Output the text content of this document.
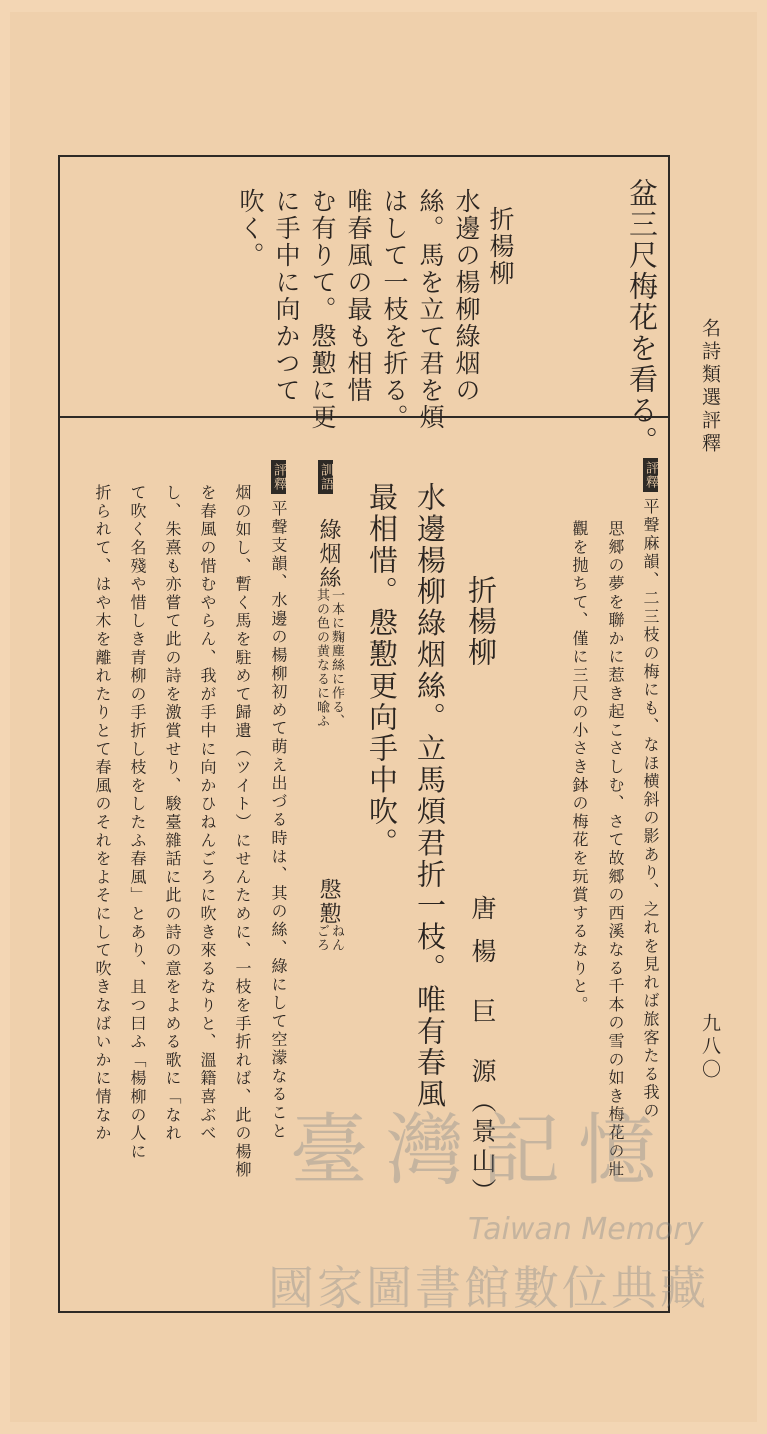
名詩類選評釋
九八〇
盆三尺梅花を看る。
折楊柳
水邊の楊柳綠烟の
絲。馬を立て君を煩
はして一枝を折る。
唯春風の最も相惜
む有りて。慇懃に更
に手中に向かつて
吹く。
評釋平聲麻韻、二三枝の梅にも、なほ横斜の影あり、之れを見れば旅客たる我の
思郷の夢を聯かに惹き起こさしむ、さて故郷の西溪なる千本の雪の如き梅花の壯
觀を抛ちて、僅に三尺の小さき鉢の梅花を玩賞するなりと。
折楊柳
唐 楊　巨　源（景山）
水邊楊柳綠烟絲。立馬煩君折一枝。唯有春風
最相惜。慇懃更向手中吹。
訓語
綠烟絲
一本に麴塵絲に作る、
其の色の黄なるに喩ふ
慇懃
ねん
ごろ
評釋平聲支韻、水邊の楊柳初めて萌え出づる時は、其の絲、綠にして空濛なること
烟の如し、暫く馬を駐めて歸遺（ツイト）にせんために、一枝を手折れば、此の楊柳
を春風の惜むやらん、我が手中に向かひねんごろに吹き來るなりと、溫籍喜ぶべ
し、朱熹も亦嘗て此の詩を激賞せり、駿臺雜話に此の詩の意をよめる歌に「なれ
て吹く名殘や惜しき青柳の手折し枝をしたふ春風」とあり、且つ曰ふ「楊柳の人に
折られて、はや木を離れたりとて春風のそれをよそにして吹きなばいかに情なか
臺灣記憶
Taiwan Memory
國家圖書館數位典藏
